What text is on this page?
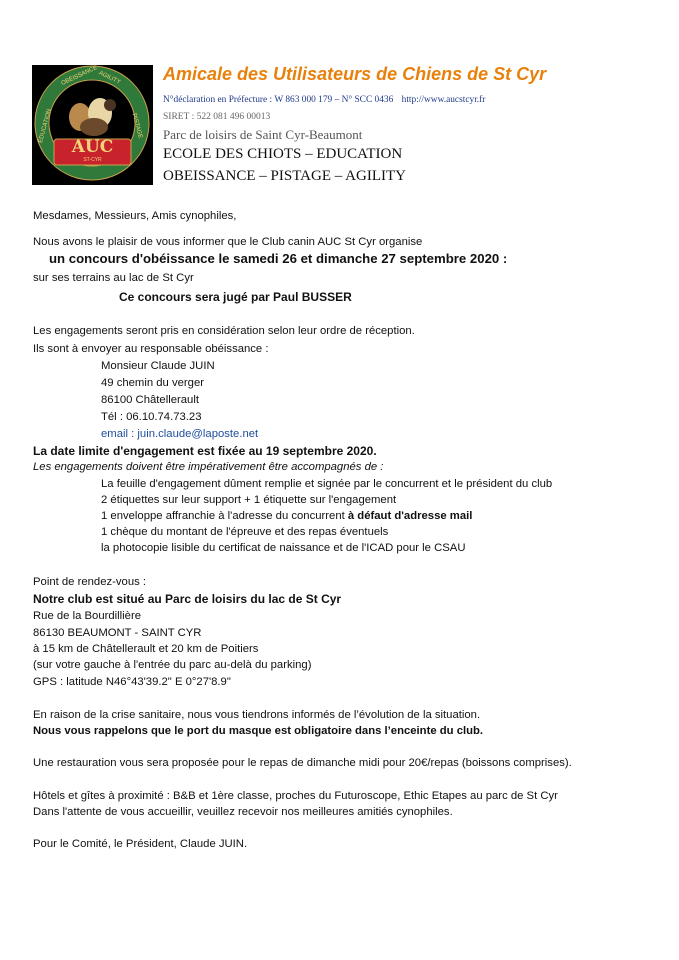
AUC
ST-CYR
OBÉISSANCE AGILITY
ÉDUCATION	PISTAGE
Amicale des Utilisateurs de Chiens de St Cyr
N°déclaration en Préfecture : W 863 000 179 – N° SCC 0436 http://www.aucstcyr.fr
SIRET : 522 081 496 00013
Parc de loisirs de Saint Cyr-Beaumont
ECOLE DES CHIOTS – EDUCATION
OBEISSANCE – PISTAGE – AGILITY
Mesdames, Messieurs, Amis cynophiles,
Nous avons le plaisir de vous informer que le Club canin AUC St Cyr organise
un concours d'obéissance le samedi 26 et dimanche 27 septembre 2020 :
sur ses terrains au lac de St Cyr
Ce concours sera jugé par Paul BUSSER
Les engagements seront pris en considération selon leur ordre de réception.
Ils sont à envoyer au responsable obéissance :
Monsieur Claude JUIN
49 chemin du verger
86100 Châtellerault
Tél : 06.10.74.73.23
email : juin.claude@laposte.net
La date limite d'engagement est fixée au 19 septembre 2020.
Les engagements doivent être impérativement être accompagnés de :
La feuille d'engagement dûment remplie et signée par le concurrent et le président du club
2 étiquettes sur leur support + 1 étiquette sur l'engagement
1 enveloppe affranchie à l'adresse du concurrent à défaut d'adresse mail
1 chèque du montant de l'épreuve et des repas éventuels
la photocopie lisible du certificat de naissance et de l'ICAD pour le CSAU
Point de rendez-vous :
Notre club est situé au Parc de loisirs du lac de St Cyr
Rue de la Bourdillière
86130 BEAUMONT - SAINT CYR
à 15 km de Châtellerault et 20 km de Poitiers
(sur votre gauche à l'entrée du parc au-delà du parking)
GPS : latitude N46°43'39.2" E 0°27'8.9"
En raison de la crise sanitaire, nous vous tiendrons informés de l’évolution de la situation.
Nous vous rappelons que le port du masque est obligatoire dans l’enceinte du club.
Une restauration vous sera proposée pour le repas de dimanche midi pour 20€/repas (boissons comprises).
Hôtels et gîtes à proximité : B&B et 1ère classe, proches du Futuroscope, Ethic Etapes au parc de St Cyr
Dans l'attente de vous accueillir, veuillez recevoir nos meilleures amitiés cynophiles.
Pour le Comité, le Président, Claude JUIN.
